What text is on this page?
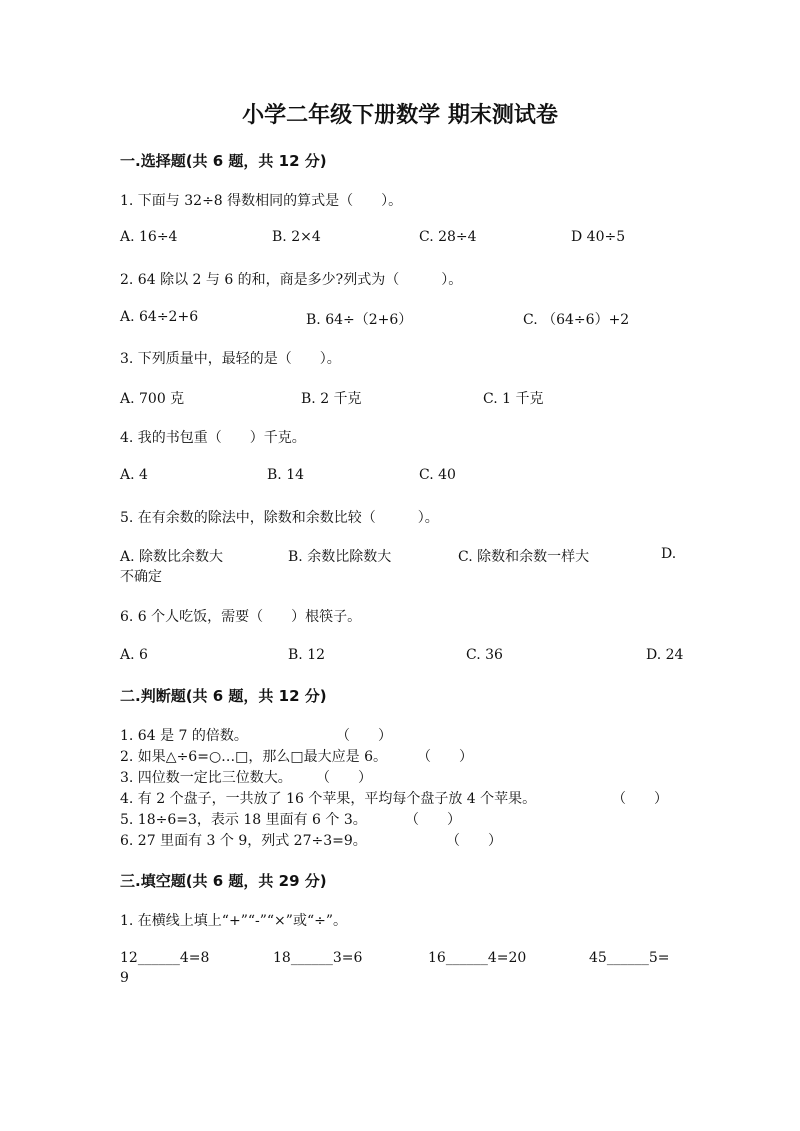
小学二年级下册数学 期末测试卷
一.选择题(共 6 题，共 12 分)
1. 下面与 32÷8 得数相同的算式是（　　）。
A. 16÷4	B. 2×4	C. 28÷4	D 40÷5
2. 64 除以 2 与 6 的和，商是多少?列式为（　　　）。
A. 64÷2+6	B. 64÷（2+6）	C. （64÷6）+2
3. 下列质量中，最轻的是（　　）。
A. 700 克	B. 2 千克	C. 1 千克
4. 我的书包重（　　）千克。
A. 4	B. 14	C. 40
5. 在有余数的除法中，除数和余数比较（　　　）。
A. 除数比余数大	B. 余数比除数大	C. 除数和余数一样大	D.
不确定
6. 6 个人吃饭，需要（　　）根筷子。
A. 6	B. 12	C. 36	D. 24
二.判断题(共 6 题，共 12 分)
1. 64 是 7 的倍数。	（　　）
2. 如果△÷6=○…□，那么□最大应是 6。 （　　）
3. 四位数一定比三位数大。 （　　）
4. 有 2 个盘子，一共放了 16 个苹果，平均每个盘子放 4 个苹果。	（　　）
5. 18÷6=3，表示 18 里面有 6 个 3。	（　　）
6. 27 里面有 3 个 9，列式 27÷3=9。	（　　）
三.填空题(共 6 题，共 29 分)
1. 在横线上填上“+”“-”“×”或“÷”。
12______4=8	18______3=6	16______4=20	45______5=
9
